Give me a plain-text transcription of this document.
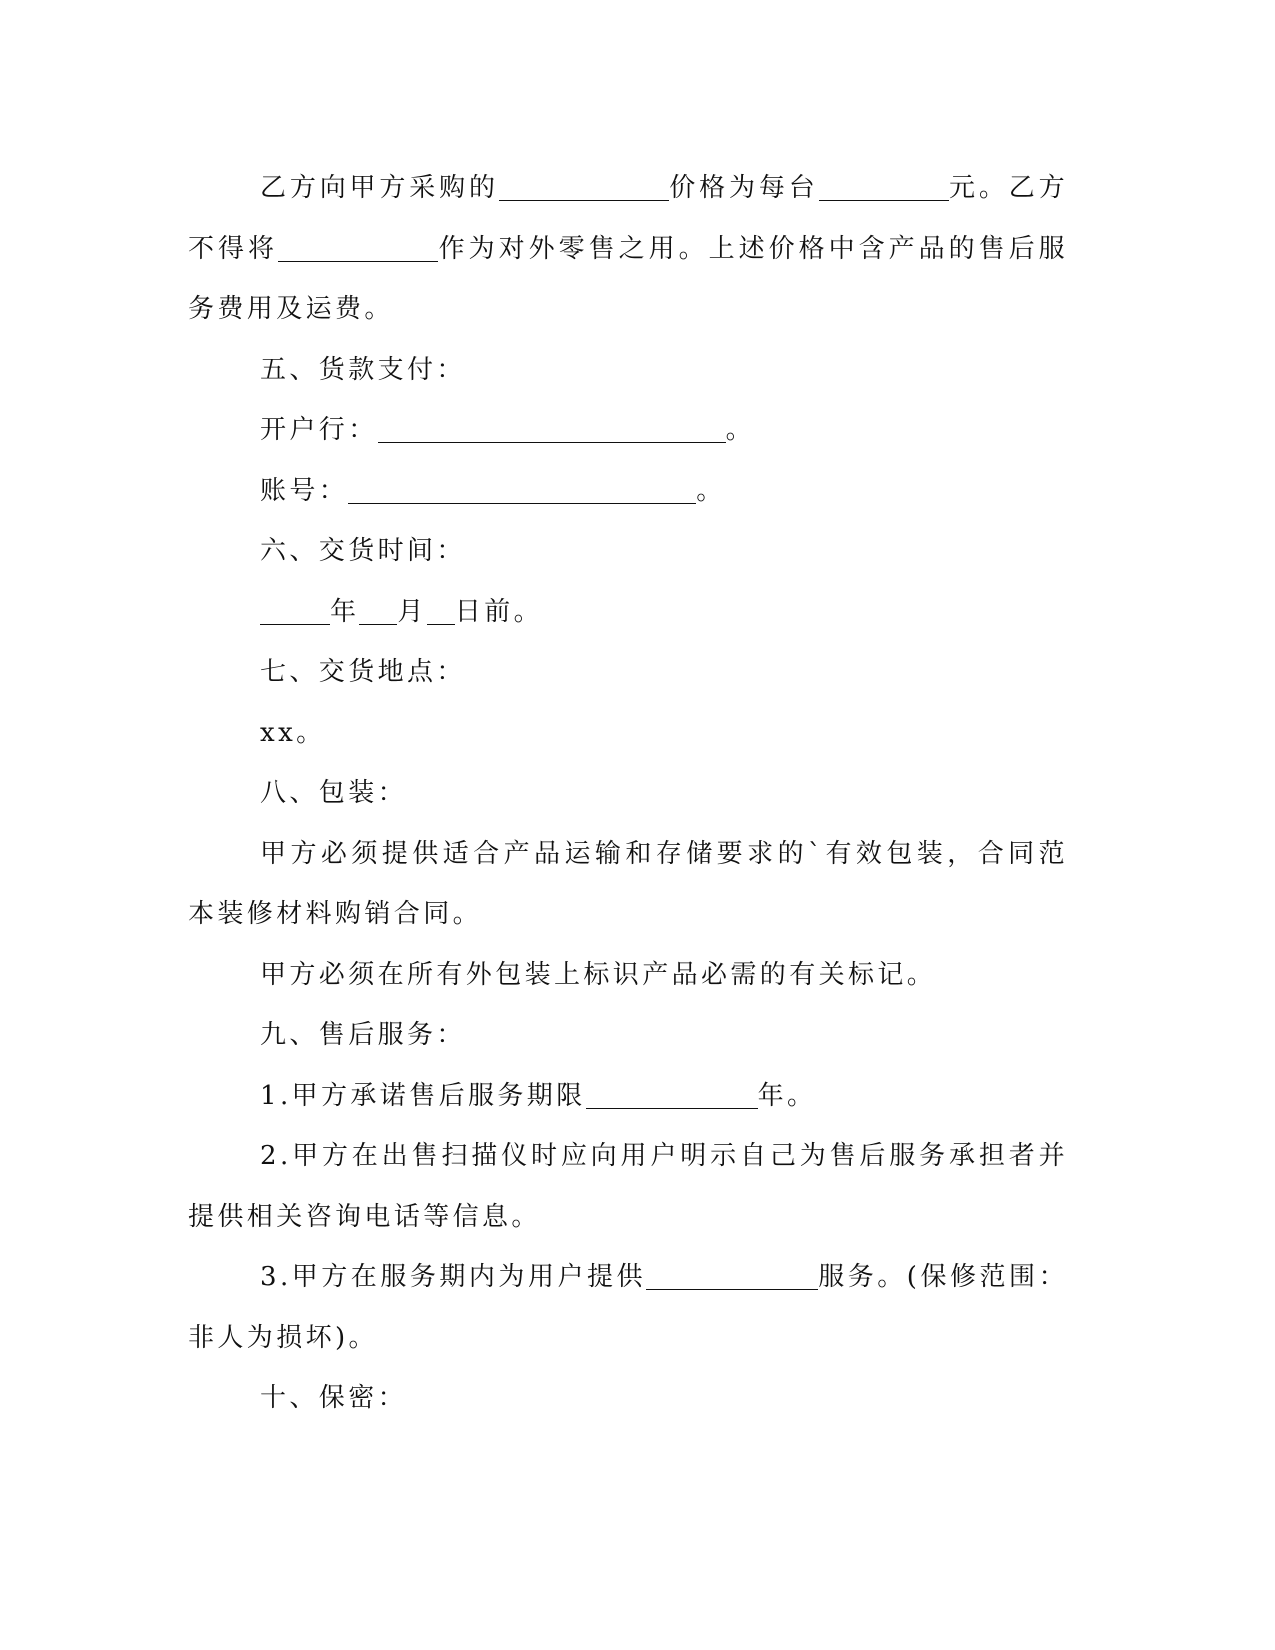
乙方向甲方采购的	价格为每台	元。乙方不得将	作为对外零售之用。上述价格中含产品的售后服务费用及运费。

五、货款支付：

开户行：	。

账号：	。

六、交货时间：

年 月 日前。

七、交货地点：

xx。

八、包装：

甲方必须提供适合产品运输和存储要求的`有效包装，合同范本装修材料购销合同。

甲方必须在所有外包装上标识产品必需的有关标记。

九、售后服务：

1.甲方承诺售后服务期限	年。

2.甲方在出售扫描仪时应向用户明示自己为售后服务承担者并提供相关咨询电话等信息。

3.甲方在服务期内为用户提供	服务。(保修范围：非人为损坏)。

十、保密：
